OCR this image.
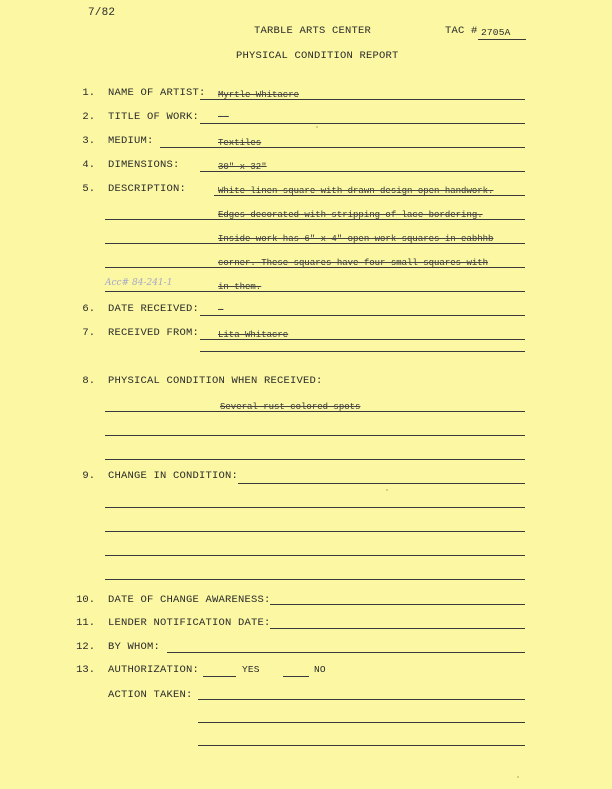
7/82
TARBLE ARTS CENTER	TAC # 2705A
PHYSICAL CONDITION REPORT
1. NAME OF ARTIST: Myrtle Whitacre
2. TITLE OF WORK: --
3. MEDIUM:	Textiles
4. DIMENSIONS:	30" x 32"
5. DESCRIPTION:	White linen square with drawn design open handwork.
Edges decorated with stripping of lace bordering.
Inside work has 6" x 4" open work squares in eabhhb
corner. These squares have four small squares with
Acc# 84-241-1	in them.
6. DATE RECEIVED: -
7. RECEIVED FROM: Lita Whitacre
8. PHYSICAL CONDITION WHEN RECEIVED:
Several rust colored spots
9. CHANGE IN CONDITION:
10. DATE OF CHANGE AWARENESS:
11. LENDER NOTIFICATION DATE:
12. BY WHOM:
13. AUTHORIZATION:	YES	NO
ACTION TAKEN:
